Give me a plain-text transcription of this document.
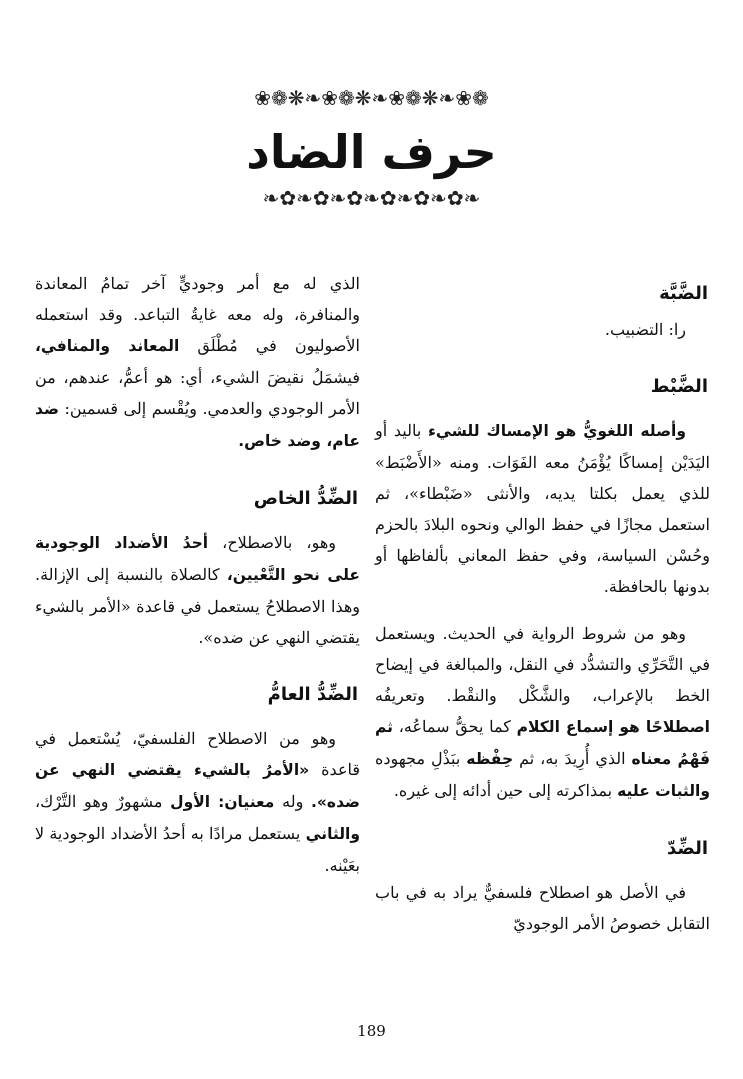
❀❁❋❧❀❁❋❧❀❁❋❧❀❁
حرف الضاد
❧✿❧✿❧✿❧✿❧✿❧✿❧
الضَّبَّة

را: التضبيب.

الضَّبْط

وأصله اللغويُّ هو الإمساك للشيء باليد أو اليَدَيْن إمساكًا يُؤْمَنُ معه الفَوَات. ومنه «الأَضْبَط» للذي يعمل بكلتا يديه، والأنثى «ضَبْطاء»، ثم استعمل مجازًا في حفظ الوالي ونحوه البلادَ بالحزم وحُسْن السياسة، وفي حفظ المعاني بألفاظها أو بدونها بالحافظة.

وهو من شروط الرواية في الحديث. ويستعمل في التَّحَرِّي والتشدُّد في النقل، والمبالغة في إيضاح الخط بالإعراب، والشَّكْل والنقْط. وتعريفُه اصطلاحًا هو إسماع الكلام كما يحقُّ سماعُه، ثم فَهْمُ معناه الذي أُرِيدَ به، ثم حِفْظه ببَذْلِ مجهوده والثبات عليه بمذاكرته إلى حين أدائه إلى غيره.

الضِّدّ

في الأصل هو اصطلاح فلسفيٌّ يراد به في باب التقابل خصوصُ الأمر الوجوديّ

الذي له مع أمر وجوديٍّ آخر تمامُ المعاندة والمنافرة، وله معه غايةُ التباعد. وقد استعمله الأصوليون في مُطْلَق المعاند والمنافي، فيشمَلُ نقيضَ الشيء، أي: هو أعمُّ، عندهم، من الأمر الوجودي والعدمي. ويُقْسم إلى قسمين: ضد عام، وضد خاص.

الضِّدُّ الخاص

وهو، بالاصطلاح، أحدُ الأضداد الوجودية على نحو التَّعْيين، كالصلاة بالنسبة إلى الإزالة. وهذا الاصطلاحُ يستعمل في قاعدة «الأمر بالشيء يقتضي النهي عن ضده».

الضِّدُّ العامُّ

وهو من الاصطلاح الفلسفيّ، يُسْتعمل في قاعدة «الأمرُ بالشيء يقتضي النهي عن ضده». وله معنيان: الأول مشهورٌ وهو التَّرْك، والثاني يستعمل مرادًا به أحدُ الأضداد الوجودية لا بعَيْنه.

189
